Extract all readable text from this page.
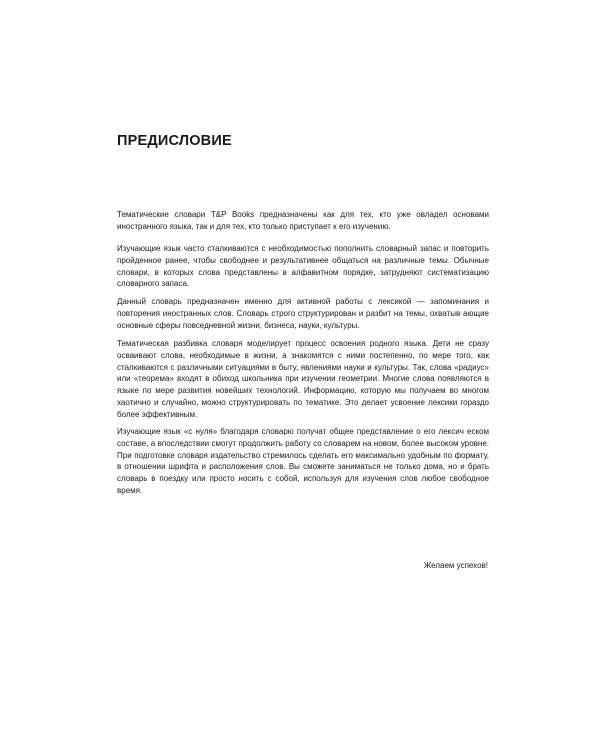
ПРЕДИСЛОВИЕ

Тематические словари T&P Books предназначены как для тех, кто уже овладел основами иностранного языка, так и для тех, кто только приступает к его изучению.

Изучающие язык часто сталкиваются с необходимостью пополнить словарный запас и повторить пройденное ранее, чтобы свободнее и результативнее общаться на различные темы. Обычные словари, в которых слова представлены в алфавитном порядке, затрудняют систематизацию словарного запаса.

Данный словарь предназначен именно для активной работы с лексикой — запоминания и повторения иностранных слов. Словарь строго структурирован и разбит на темы, охватыв ающие основные сферы повседневной жизни, бизнеса, науки, культуры.

Тематическая разбивка словаря моделирует процесс освоения родного языка. Дети не сразу осваивают слова, необходимые в жизни, а знакомятся с ними постепенно, по мере того, как сталкиваются с различными ситуациями в быту, явлениями науки и культуры. Так, слова «радиус» или «теорема» входят в обиход школьника при изучении геометрии. Многие слова появляются в языке по мере развития новейших технологий. Информацию, которую мы получаем во многом хаотично и случайно, можно структурировать по тематике. Это делает усвоение лексики гораздо более эффективным.

Изучающие язык «с нуля» благодаря словарю получат общее представление о его лексич еском составе, а впоследствии смогут продолжить работу со словарем на новом, более высоком уровне. При подготовке словаря издательство стремилось сделать его максимально удобным по формату, в отношении шрифта и расположения слов. Вы сможете заниматься не только дома, но и брать словарь в поездку или просто носить с собой, используя для изучения слов любое свободное время.

Желаем успехов!
